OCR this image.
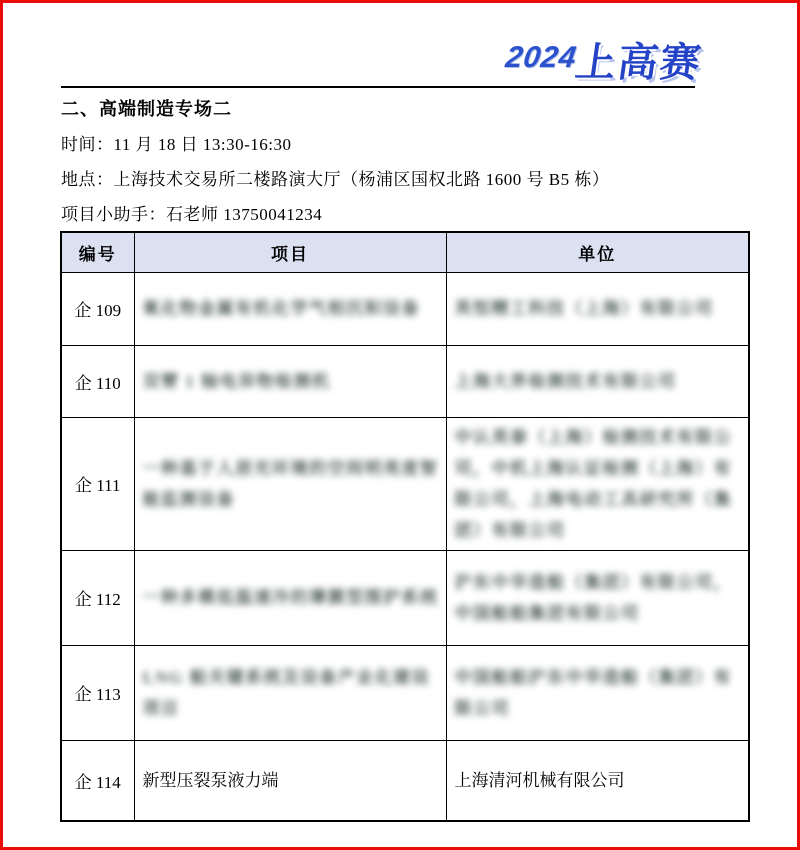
2024
上高赛
二、高端制造专场二
时间：11 月 18 日 13:30-16:30
地点：上海技术交易所二楼路演大厅（杨浦区国权北路 1600 号 B5 栋）
项目小助手：石老师 13750041234
编号	项目	单位
企 109	氧化物金属有机化学气相沉积设备	英恒精工科技（上海）有限公司
企 110	双臂 1 轴电异物检测机	上海大界检测技术有限公司
企 111	一种基于人居光环境的空间明亮度智能监测设备	中认英泰（上海）检测技术有限公司，中机上海认证检测（上海）有限公司，上海电动工具研究所（集团）有限公司
企 112	一种多模低温速冷的薄膜型围护系统	沪东中华造船（集团）有限公司，中国船舶集团有限公司
企 113	LNG 船关键系统及设备产业化建设项目	中国船舶沪东中华造船（集团）有限公司
企 114	新型压裂泵液力端	上海清河机械有限公司
